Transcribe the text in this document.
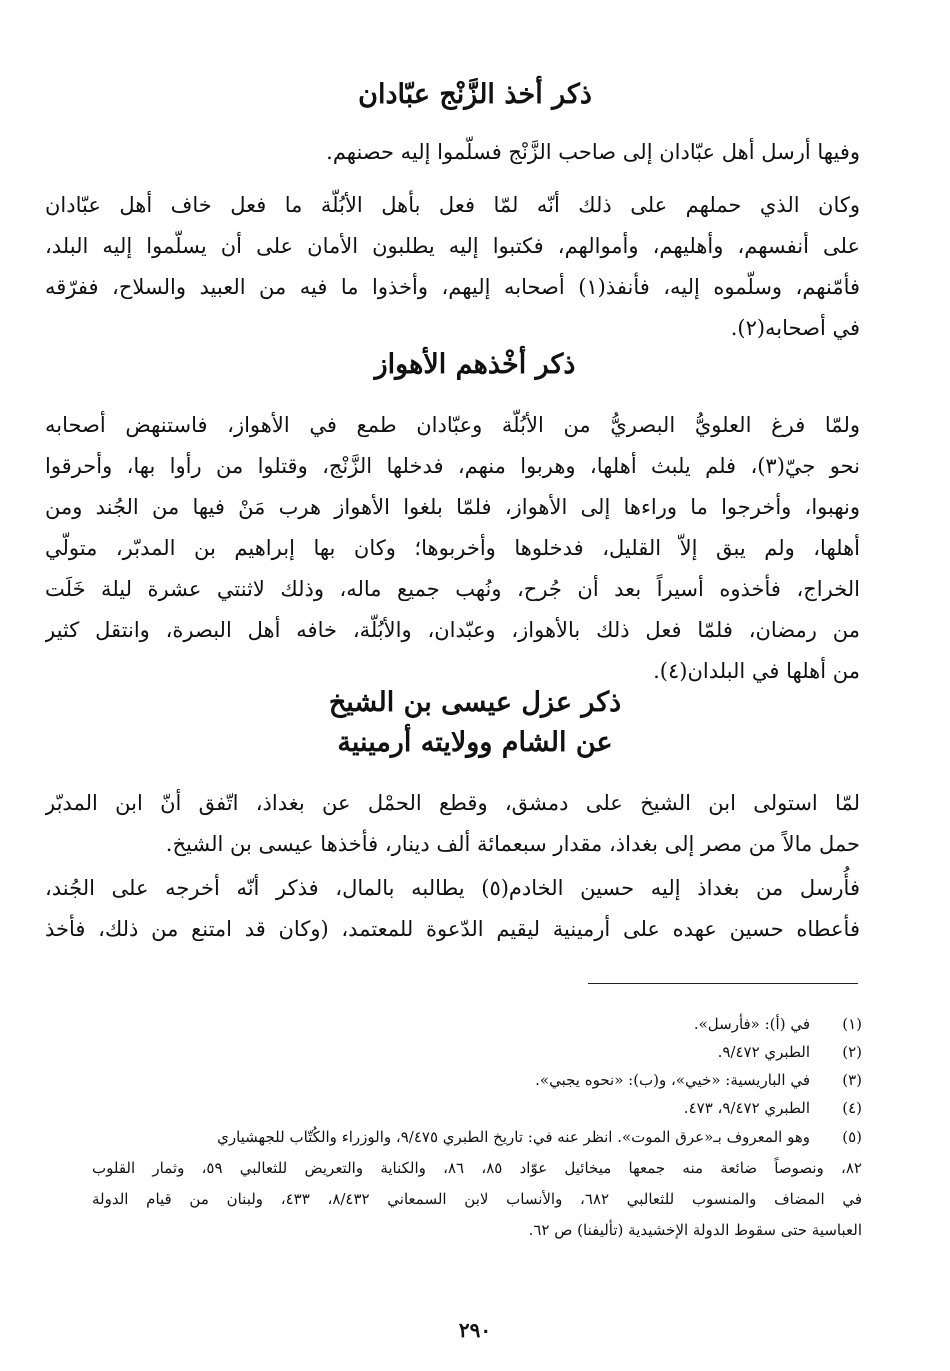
ذكر أخذ الزَّنْج عبّادان
وفيها أرسل أهل عبّادان إلى صاحب الزَّنْج فسلّموا إليه حصنهم.
وكان الذي حملهم على ذلك أنّه لمّا فعل بأهل الأبُلّة ما فعل خاف أهل عبّادان
على أنفسهم، وأهليهم، وأموالهم، فكتبوا إليه يطلبون الأمان على أن يسلّموا إليه البلد،
فأمّنهم، وسلّموه إليه، فأنفذ(١) أصحابه إليهم، وأخذوا ما فيه من العبيد والسلاح، ففرّقه
في أصحابه(٢).
ذكر أخْذهم الأهواز
ولمّا فرغ العلويُّ البصريُّ من الأبُلّة وعبّادان طمع في الأهواز، فاستنهض أصحابه
نحو جيّ(٣)، فلم يلبث أهلها، وهربوا منهم، فدخلها الزَّنْج، وقتلوا من رأوا بها، وأحرقوا
ونهبوا، وأخرجوا ما وراءها إلى الأهواز، فلمّا بلغوا الأهواز هرب مَنْ فيها من الجُند ومن
أهلها، ولم يبق إلاّ القليل، فدخلوها وأخربوها؛ وكان بها إبراهيم بن المدبّر، متولّي
الخراج، فأخذوه أسيراً بعد أن جُرح، ونُهب جميع ماله، وذلك لاثنتي عشرة ليلة خَلَت
من رمضان، فلمّا فعل ذلك بالأهواز، وعبّدان، والأبُلّة، خافه أهل البصرة، وانتقل كثير
من أهلها في البلدان(٤).
ذكر عزل عيسى بن الشيخ
عن الشام وولايته أرمينية
لمّا استولى ابن الشيخ على دمشق، وقطع الحمْل عن بغداذ، اتّفق أنّ ابن المدبّر
حمل مالاً من مصر إلى بغداذ، مقدار سبعمائة ألف دينار، فأخذها عيسى بن الشيخ.
فأُرسل من بغداذ إليه حسين الخادم(٥) يطالبه بالمال، فذكر أنّه أخرجه على الجُند،
فأعطاه حسين عهده على أرمينية ليقيم الدّعوة للمعتمد، (وكان قد امتنع من ذلك، فأخذ
(١)
في (أ): «فأرسل».
(٢)
الطبري ٩/٤٧٢.
(٣)
في الباريسية: «خيي»، و(ب): «نحوه يجبي».
(٤)
الطبري ٩/٤٧٢، ٤٧٣.
(٥)
وهو المعروف بـ«عرق الموت». انظر عنه في: تاريخ الطبري ٩/٤٧٥، والوزراء والكُتّاب للجهشياري
٨٢، ونصوصاً ضائعة منه جمعها ميخائيل عوّاد ٨٥، ٨٦، والكناية والتعريض للثعالبي ٥٩، وثمار القلوب
في المضاف والمنسوب للثعالبي ٦٨٢، والأنساب لابن السمعاني ٨/٤٣٢، ٤٣٣، ولبنان من قيام الدولة
العباسية حتى سقوط الدولة الإخشيدية (تأليفنا) ص ٦٢.
٢٩٠
